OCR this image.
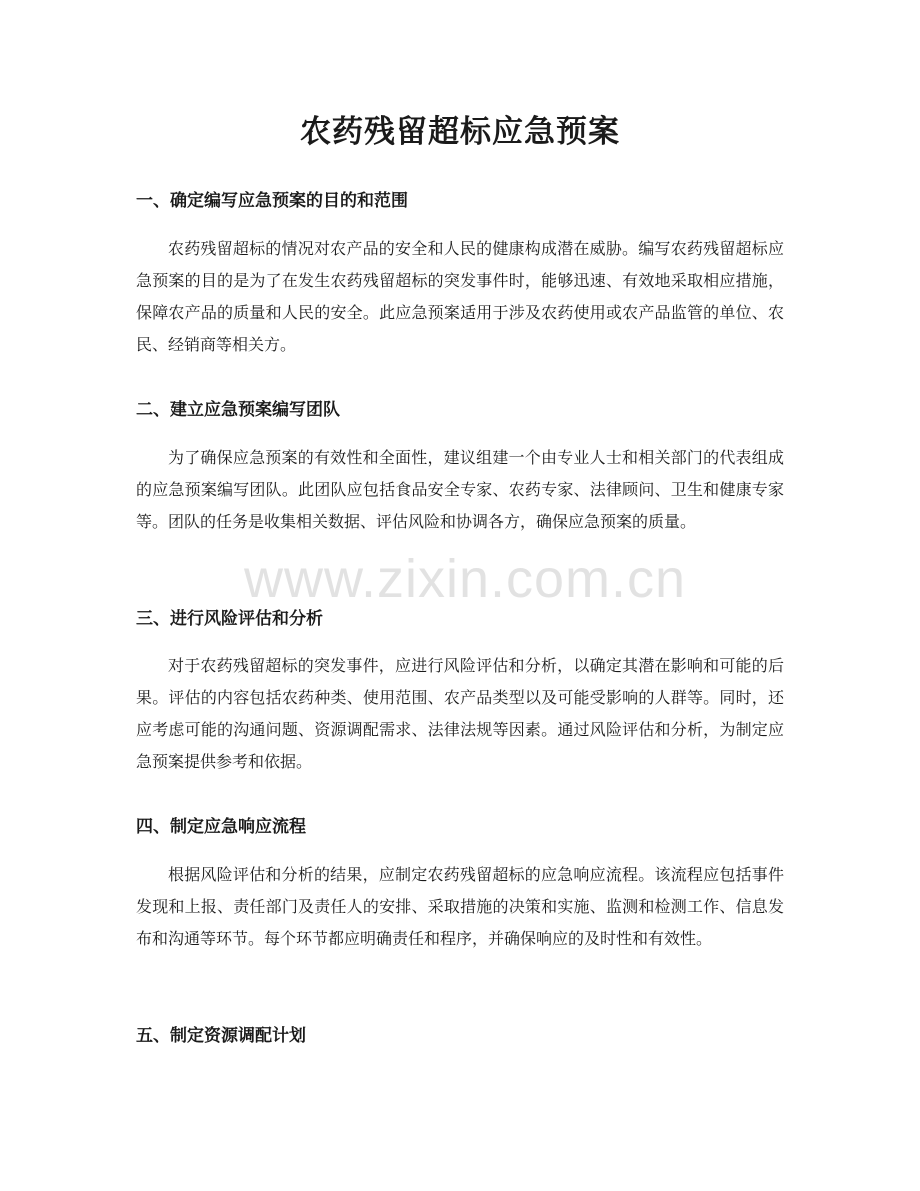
农药残留超标应急预案
一、确定编写应急预案的目的和范围

农药残留超标的情况对农产品的安全和人民的健康构成潜在威胁。编写农药残留超标应急预案的目的是为了在发生农药残留超标的突发事件时，能够迅速、有效地采取相应措施，保障农产品的质量和人民的安全。此应急预案适用于涉及农药使用或农产品监管的单位、农民、经销商等相关方。

二、建立应急预案编写团队

为了确保应急预案的有效性和全面性，建议组建一个由专业人士和相关部门的代表组成的应急预案编写团队。此团队应包括食品安全专家、农药专家、法律顾问、卫生和健康专家等。团队的任务是收集相关数据、评估风险和协调各方，确保应急预案的质量。

三、进行风险评估和分析

对于农药残留超标的突发事件，应进行风险评估和分析，以确定其潜在影响和可能的后果。评估的内容包括农药种类、使用范围、农产品类型以及可能受影响的人群等。同时，还应考虑可能的沟通问题、资源调配需求、法律法规等因素。通过风险评估和分析，为制定应急预案提供参考和依据。

四、制定应急响应流程

根据风险评估和分析的结果，应制定农药残留超标的应急响应流程。该流程应包括事件发现和上报、责任部门及责任人的安排、采取措施的决策和实施、监测和检测工作、信息发布和沟通等环节。每个环节都应明确责任和程序，并确保响应的及时性和有效性。

五、制定资源调配计划
www.zixin.com.cn
